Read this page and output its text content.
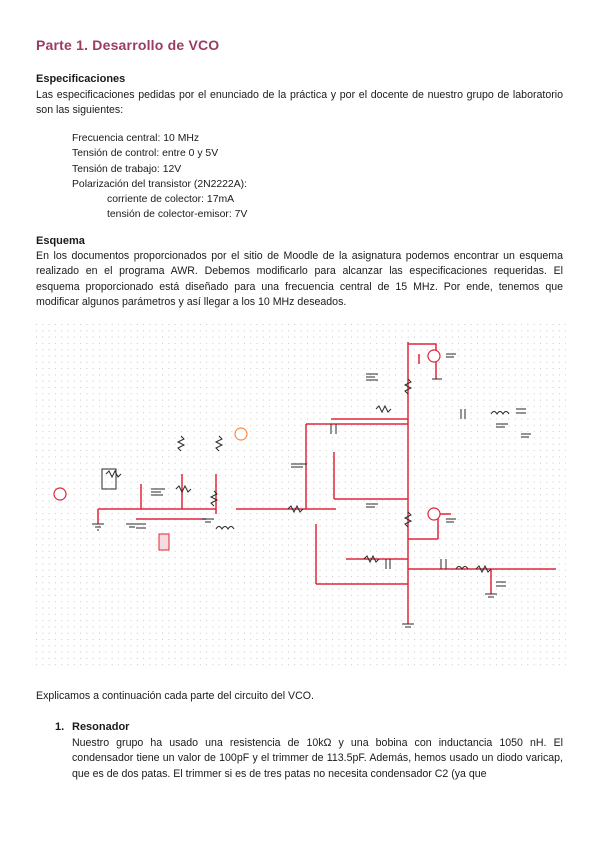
Parte 1. Desarrollo de VCO

Especificaciones

Las especificaciones pedidas por el enunciado de la práctica y por el docente de nuestro grupo de laboratorio son las siguientes:

Frecuencia central: 10 MHz
Tensión de control: entre 0 y 5V
Tensión de trabajo: 12V
Polarización del transistor (2N2222A):
corriente de colector: 17mA
tensión de colector-emisor: 7V

Esquema

En los documentos proporcionados por el sitio de Moodle de la asignatura podemos encontrar un esquema realizado en el programa AWR. Debemos modificarlo para alcanzar las especificaciones requeridas. El esquema proporcionado está diseñado para una frecuencia central de 15 MHz. Por ende, tenemos que modificar algunos parámetros y así llegar a los 10 MHz deseados.

Explicamos a continuación cada parte del circuito del VCO.

1. Resonador

Nuestro grupo ha usado una resistencia de 10kΩ y una bobina con inductancia 1050 nH. El condensador tiene un valor de 100pF y el trimmer de 113.5pF. Además, hemos usado un diodo varicap, que es de dos patas. El trimmer si es de tres patas no necesita condensador C2 (ya que
